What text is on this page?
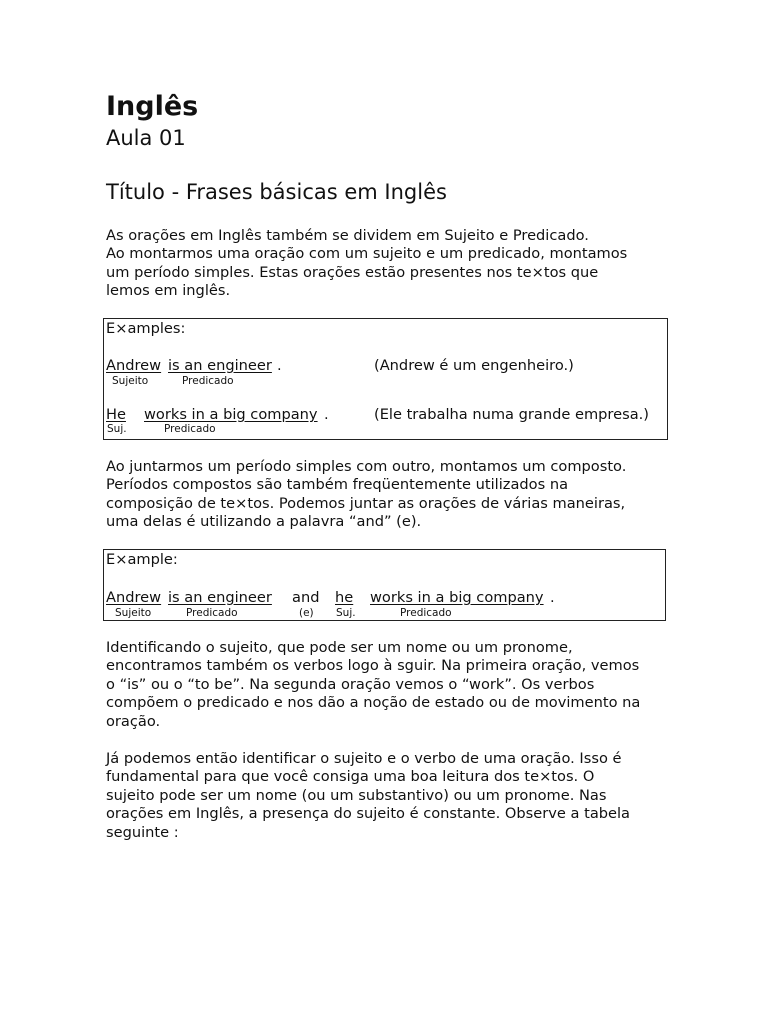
Inglês
Aula 01
Título - Frases básicas em Inglês
As orações em Inglês também se dividem em Sujeito e Predicado.
Ao montarmos uma oração com um sujeito e um predicado, montamos
um período simples. Estas orações estão presentes nos te×tos que
lemos em inglês.
E×amples:
Andrew is an engineer .	(Andrew é um engenheiro.)
Sujeito	Predicado
He works in a big company .	(Ele trabalha numa grande empresa.)
Suj.	Predicado
Ao juntarmos um período simples com outro, montamos um composto.
Períodos compostos são também freqüentemente utilizados na
composição de te×tos. Podemos juntar as orações de várias maneiras,
uma delas é utilizando a palavra “and” (e).
E×ample:
Andrew is an engineer and he works in a big company .
Sujeito	Predicado	(e) Suj.	Predicado
Identificando o sujeito, que pode ser um nome ou um pronome,
encontramos também os verbos logo à sguir. Na primeira oração, vemos
o “is” ou o “to be”. Na segunda oração vemos o “work”. Os verbos
compõem o predicado e nos dão a noção de estado ou de movimento na
oração.
Já podemos então identificar o sujeito e o verbo de uma oração. Isso é
fundamental para que você consiga uma boa leitura dos te×tos. O
sujeito pode ser um nome (ou um substantivo) ou um pronome. Nas
orações em Inglês, a presença do sujeito é constante. Observe a tabela
seguinte :
